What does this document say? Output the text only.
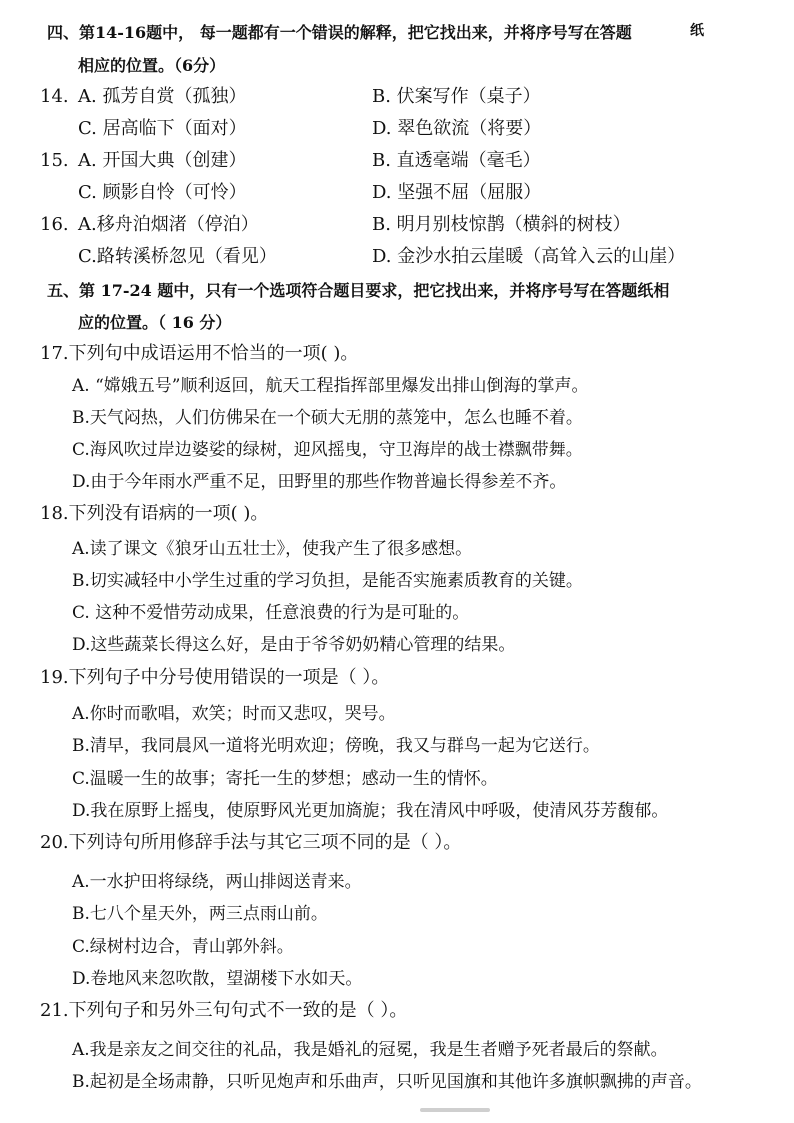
四、第14-16题中， 每一题都有一个错误的解释，把它找出来，并将序号写在答题	纸
相应的位置。（6分）
14. A. 孤芳自赏（孤独）	B. 伏案写作（桌子）
C. 居高临下（面对）	D. 翠色欲流（将要）
15. A. 开国大典（创建）	B. 直透毫端（毫毛）
C. 顾影自怜（可怜）	D. 坚强不屈（屈服）
16. A.移舟泊烟渚（停泊）	B. 明月别枝惊鹊（横斜的树枝）
C.路转溪桥忽见（看见）	D. 金沙水拍云崖暖（高耸入云的山崖）
五、第 17-24 题中，只有一个选项符合题目要求，把它找出来，并将序号写在答题纸相
应的位置。（ 16 分）
17.下列句中成语运用不恰当的一项( )。
A. “嫦娥五号”顺利返回，航天工程指挥部里爆发出排山倒海的掌声。
B.天气闷热，人们仿佛呆在一个硕大无朋的蒸笼中，怎么也睡不着。
C.海风吹过岸边婆娑的绿树，迎风摇曳，守卫海岸的战士襟飘带舞。
D.由于今年雨水严重不足，田野里的那些作物普遍长得参差不齐。
18.下列没有语病的一项( )。
A.读了课文《狼牙山五壮士》，使我产生了很多感想。
B.切实减轻中小学生过重的学习负担，是能否实施素质教育的关键。
C. 这种不爱惜劳动成果，任意浪费的行为是可耻的。
D.这些蔬菜长得这么好，是由于爷爷奶奶精心管理的结果。
19.下列句子中分号使用错误的一项是（ ）。
A.你时而歌唱，欢笑；时而又悲叹，哭号。
B.清早，我同晨风一道将光明欢迎；傍晚，我又与群鸟一起为它送行。
C.温暖一生的故事；寄托一生的梦想；感动一生的情怀。
D.我在原野上摇曳，使原野风光更加旖旎；我在清风中呼吸，使清风芬芳馥郁。
20.下列诗句所用修辞手法与其它三项不同的是（ ）。
A.一水护田将绿绕，两山排闼送青来。
B.七八个星天外，两三点雨山前。
C.绿树村边合，青山郭外斜。
D.卷地风来忽吹散，望湖楼下水如天。
21.下列句子和另外三句句式不一致的是（ ）。
A.我是亲友之间交往的礼品，我是婚礼的冠冕，我是生者赠予死者最后的祭献。
B.起初是全场肃静，只听见炮声和乐曲声，只听见国旗和其他许多旗帜飘拂的声音。
